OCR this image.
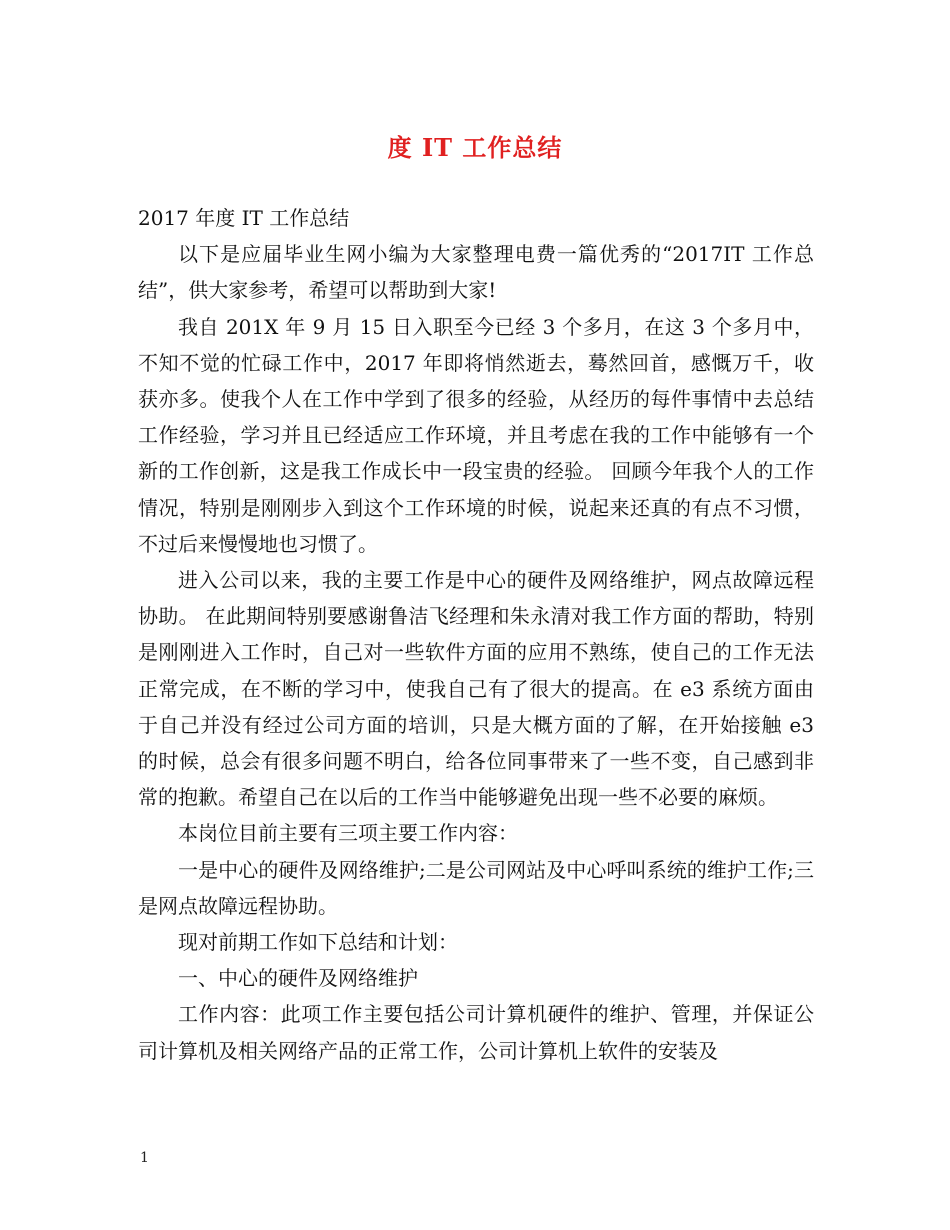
度 IT 工作总结

2017 年度 IT 工作总结

以下是应届毕业生网小编为大家整理电费一篇优秀的“2017IT 工作总结”，供大家参考，希望可以帮助到大家!

我自 201X 年 9 月 15 日入职至今已经 3 个多月，在这 3 个多月中，不知不觉的忙碌工作中，2017 年即将悄然逝去，蓦然回首，感慨万千，收获亦多。使我个人在工作中学到了很多的经验，从经历的每件事情中去总结工作经验，学习并且已经适应工作环境，并且考虑在我的工作中能够有一个新的工作创新，这是我工作成长中一段宝贵的经验。 回顾今年我个人的工作情况，特别是刚刚步入到这个工作环境的时候，说起来还真的有点不习惯，不过后来慢慢地也习惯了。

进入公司以来，我的主要工作是中心的硬件及网络维护，网点故障远程协助。 在此期间特别要感谢鲁洁飞经理和朱永清对我工作方面的帮助，特别是刚刚进入工作时，自己对一些软件方面的应用不熟练，使自己的工作无法正常完成，在不断的学习中，使我自己有了很大的提高。在 e3 系统方面由于自己并没有经过公司方面的培训，只是大概方面的了解，在开始接触 e3 的时候，总会有很多问题不明白，给各位同事带来了一些不变，自己感到非常的抱歉。希望自己在以后的工作当中能够避免出现一些不必要的麻烦。

本岗位目前主要有三项主要工作内容：

一是中心的硬件及网络维护;二是公司网站及中心呼叫系统的维护工作;三是网点故障远程协助。

现对前期工作如下总结和计划：

一、中心的硬件及网络维护

工作内容：此项工作主要包括公司计算机硬件的维护、管理，并保证公司计算机及相关网络产品的正常工作，公司计算机上软件的安装及

1
